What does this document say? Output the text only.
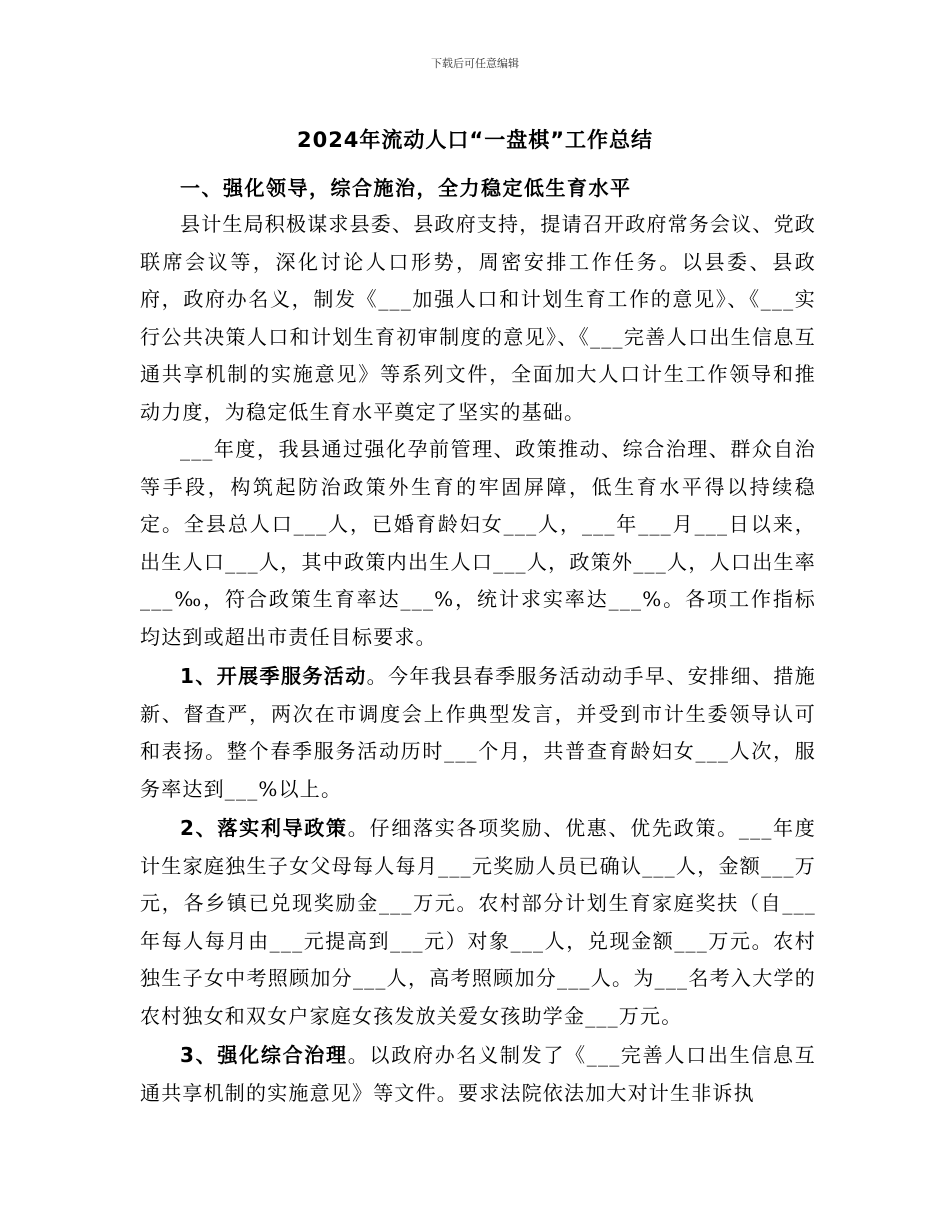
下载后可任意编辑
2024年流动人口“一盘棋”工作总结
一、强化领导，综合施治，全力稳定低生育水平

县计生局积极谋求县委、县政府支持，提请召开政府常务会议、党政联席会议等，深化讨论人口形势，周密安排工作任务。以县委、县政府，政府办名义，制发《___加强人口和计划生育工作的意见》、《___实行公共决策人口和计划生育初审制度的意见》、《___完善人口出生信息互通共享机制的实施意见》等系列文件，全面加大人口计生工作领导和推动力度，为稳定低生育水平奠定了坚实的基础。

___年度，我县通过强化孕前管理、政策推动、综合治理、群众自治等手段，构筑起防治政策外生育的牢固屏障，低生育水平得以持续稳定。全县总人口___人，已婚育龄妇女___人，___年___月___日以来，出生人口___人，其中政策内出生人口___人，政策外___人，人口出生率___‰，符合政策生育率达___%，统计求实率达___%。各项工作指标均达到或超出市责任目标要求。

1、开展季服务活动。今年我县春季服务活动动手早、安排细、措施新、督查严，两次在市调度会上作典型发言，并受到市计生委领导认可和表扬。整个春季服务活动历时___个月，共普查育龄妇女___人次，服务率达到___%以上。

2、落实利导政策。仔细落实各项奖励、优惠、优先政策。___年度计生家庭独生子女父母每人每月___元奖励人员已确认___人，金额___万元，各乡镇已兑现奖励金___万元。农村部分计划生育家庭奖扶（自___年每人每月由___元提高到___元）对象___人，兑现金额___万元。农村独生子女中考照顾加分___人，高考照顾加分___人。为___名考入大学的农村独女和双女户家庭女孩发放关爱女孩助学金___万元。

3、强化综合治理。以政府办名义制发了《___完善人口出生信息互通共享机制的实施意见》等文件。要求法院依法加大对计生非诉执
